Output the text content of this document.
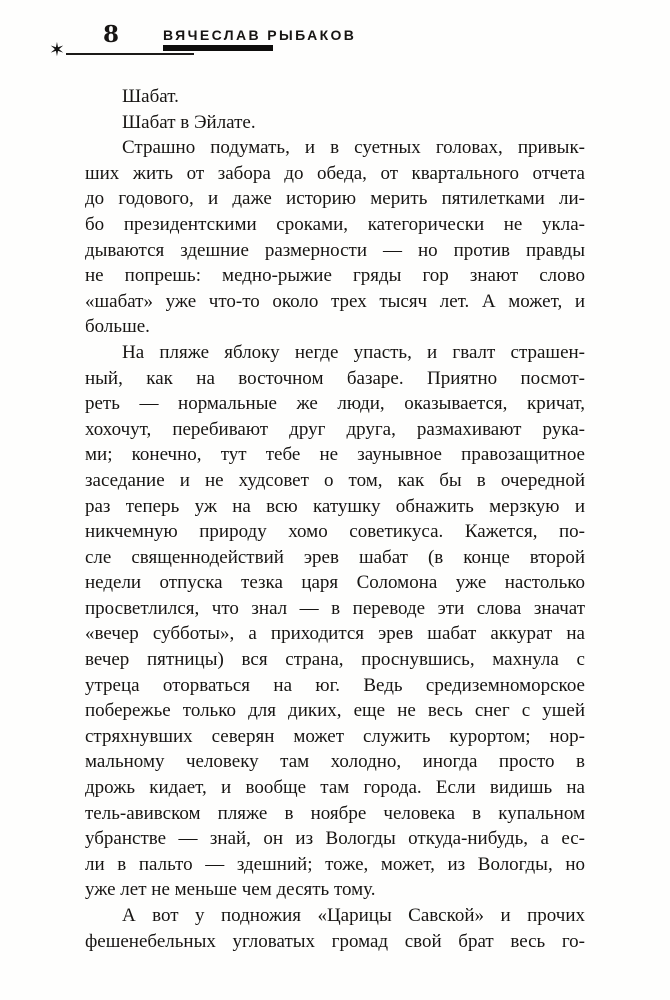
8	ВЯЧЕСЛАВ РЫБАКОВ
✶
Шабат.
Шабат в Эйлате.
Страшно подумать, и в суетных головах, привык-
ших жить от забора до обеда, от квартального отчета
до годового, и даже историю мерить пятилетками ли-
бо президентскими сроками, категорически не укла-
дываются здешние размерности — но против правды
не попрешь: медно-рыжие гряды гор знают слово
«шабат» уже что-то около трех тысяч лет. А может, и
больше.
На пляже яблоку негде упасть, и гвалт страшен-
ный, как на восточном базаре. Приятно посмот-
реть — нормальные же люди, оказывается, кричат,
хохочут, перебивают друг друга, размахивают рука-
ми; конечно, тут тебе не заунывное правозащитное
заседание и не худсовет о том, как бы в очередной
раз теперь уж на всю катушку обнажить мерзкую и
никчемную природу хомо советикуса. Кажется, по-
сле священнодействий эрев шабат (в конце второй
недели отпуска тезка царя Соломона уже настолько
просветлился, что знал — в переводе эти слова значат
«вечер субботы», а приходится эрев шабат аккурат на
вечер пятницы) вся страна, проснувшись, махнула с
утреца оторваться на юг. Ведь средиземноморское
побережье только для диких, еще не весь снег с ушей
стряхнувших северян может служить курортом; нор-
мальному человеку там холодно, иногда просто в
дрожь кидает, и вообще там города. Если видишь на
тель-авивском пляже в ноябре человека в купальном
убранстве — знай, он из Вологды откуда-нибудь, а ес-
ли в пальто — здешний; тоже, может, из Вологды, но
уже лет не меньше чем десять тому.
А вот у подножия «Царицы Савской» и прочих
фешенебельных угловатых громад свой брат весь го-
